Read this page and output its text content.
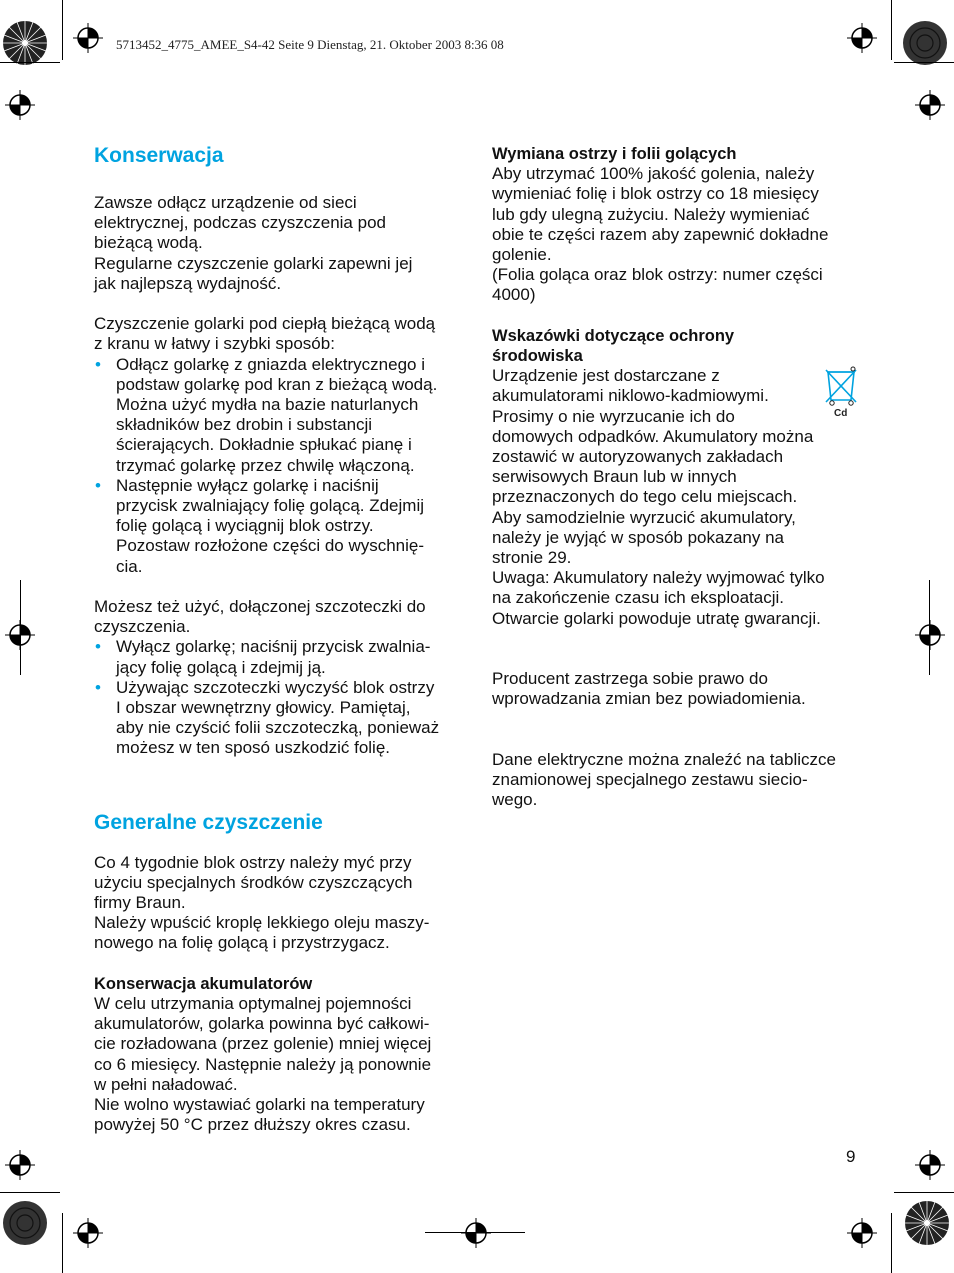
5713452_4775_AMEE_S4-42 Seite 9 Dienstag, 21. Oktober 2003 8:36 08
Konserwacja

Zawsze odłącz urządzenie od sieci

elektrycznej, podczas czyszczenia pod

bieżącą wodą.

Regularne czyszczenie golarki zapewni jej

jak najlepszą wydajność.

Czyszczenie golarki pod ciepłą bieżącą wodą

z kranu w łatwy i szybki sposób:

• Odłącz golarkę z gniazda elektrycznego i
podstaw golarkę pod kran z bieżącą wodą.
Można użyć mydła na bazie naturlanych
składników bez drobin i substancji
ścierających. Dokładnie spłukać pianę i
trzymać golarkę przez chwilę włączoną.
• Następnie wyłącz golarkę i naciśnij
przycisk zwalniający folię golącą. Zdejmij
folię golącą i wyciągnij blok ostrzy.
Pozostaw rozłożone części do wyschnię-
cia.

Możesz też użyć, dołączonej szczoteczki do

czyszczenia.

• Wyłącz golarkę; naciśnij przycisk zwalnia-
jący folię golącą i zdejmij ją.
• Używając szczoteczki wyczyść blok ostrzy
I obszar wewnętrzny głowicy. Pamiętaj,
aby nie czyścić folii szczoteczką, ponieważ
możesz w ten sposó uszkodzić folię.
Generalne czyszczenie

Co 4 tygodnie blok ostrzy należy myć przy

użyciu specjalnych środków czyszczących

firmy Braun.

Należy wpuścić kroplę lekkiego oleju maszy-

nowego na folię golącą i przystrzygacz.

Konserwacja akumulatorów

W celu utrzymania optymalnej pojemności

akumulatorów, golarka powinna być całkowi-

cie rozładowana (przez golenie) mniej więcej

co 6 miesięcy. Następnie należy ją ponownie

w pełni naładować.

Nie wolno wystawiać golarki na temperatury

powyżej 50 °C przez dłuższy okres czasu.

Wymiana ostrzy i folii golących

Aby utrzymać 100% jakość golenia, należy

wymieniać folię i blok ostrzy co 18 miesięcy

lub gdy ulegną zużyciu. Należy wymieniać

obie te części razem aby zapewnić dokładne

golenie.

(Folia goląca oraz blok ostrzy: numer części

4000)

Wskazówki dotyczące ochrony

środowiska

Cd

Urządzenie jest dostarczane z

akumulatorami niklowo-kadmiowymi.

Prosimy o nie wyrzucanie ich do

domowych odpadków. Akumulatory można

zostawić w autoryzowanych zakładach

serwisowych Braun lub w innych

przeznaczonych do tego celu miejscach.

Aby samodzielnie wyrzucić akumulatory,

należy je wyjąć w sposób pokazany na

stronie 29.

Uwaga: Akumulatory należy wyjmować tylko

na zakończenie czasu ich eksploatacji.

Otwarcie golarki powoduje utratę gwarancji.

Producent zastrzega sobie prawo do

wprowadzania zmian bez powiadomienia.

Dane elektryczne można znaleźć na tabliczce

znamionowej specjalnego zestawu siecio-

wego.

9
